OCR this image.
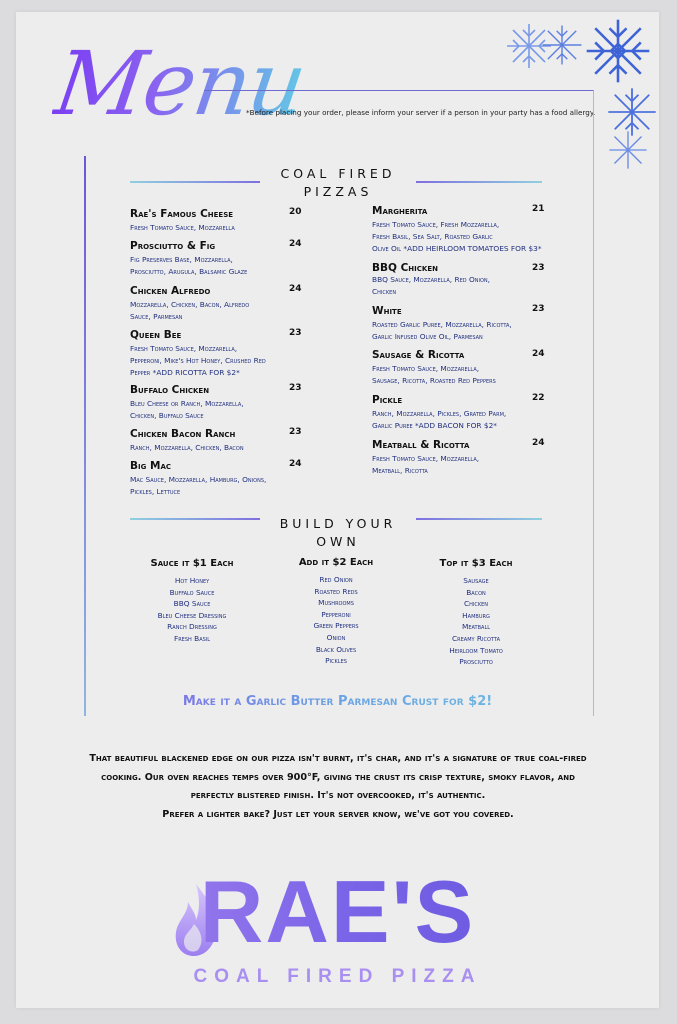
Menu
*Before placing your order, please inform your server if a person in your party has a food allergy.
COAL FIRED
PIZZAS
Rae's Famous Cheese	20
Fresh Tomato Sauce, Mozzarella
Prosciutto & Fig	24
Fig Preserves Base, Mozzarella,
Prosciutto, Arugula, Balsamic Glaze
Chicken Alfredo	24
Mozzarella, Chicken, Bacon, Alfredo
Sauce, Parmesan
Queen Bee	23
Fresh Tomato Sauce, Mozzarella,
Pepperoni, Mike's Hot Honey, Crushed Red
Pepper *ADD RICOTTA FOR $2*
Buffalo Chicken	23
Bleu Cheese or Ranch, Mozzarella,
Chicken, Buffalo Sauce
Chicken Bacon Ranch	23
Ranch, Mozzarella, Chicken, Bacon
Big Mac	24
Mac Sauce, Mozzarella, Hamburg, Onions,
Pickles, Lettuce
Margherita	21
Fresh Tomato Sauce, Fresh Mozzarella,
Fresh Basil, Sea Salt, Roasted Garlic
Olive Oil *ADD HEIRLOOM TOMATOES FOR $3*
BBQ Chicken	23
BBQ Sauce, Mozzarella, Red Onion,
Chicken
White	23
Roasted Garlic Puree, Mozzarella, Ricotta,
Garlic Infused Olive Oil, Parmesan
Sausage & Ricotta	24
Fresh Tomato Sauce, Mozzarella,
Sausage, Ricotta, Roasted Red Peppers
Pickle	22
Ranch, Mozzarella, Pickles, Grated Parm,
Garlic Puree *ADD BACON FOR $2*
Meatball & Ricotta	24
Fresh Tomato Sauce, Mozzarella,
Meatball, Ricotta
BUILD YOUR
OWN
Sauce it $1 Each
Hot Honey
Buffalo Sauce
BBQ Sauce
Bleu Cheese Dressing
Ranch Dressing
Fresh Basil
Add it $2 Each
Red Onion
Roasted Reds
Mushrooms
Pepperoni
Green Peppers
Onion
Black Olives
Pickles
Top it $3 Each
Sausage
Bacon
Chicken
Hamburg
Meatball
Creamy Ricotta
Heirloom Tomato
Prosciutto
Make it a Garlic Butter Parmesan Crust for $2!
That beautiful blackened edge on our pizza isn't burnt, it's char, and it's a signature of true coal-fired cooking. Our oven reaches temps over 900°F, giving the crust its crisp texture, smoky flavor, and perfectly blistered finish. It's not overcooked, it's authentic.
Prefer a lighter bake? Just let your server know, we've got you covered.
RAE'S
COAL FIRED PIZZA
